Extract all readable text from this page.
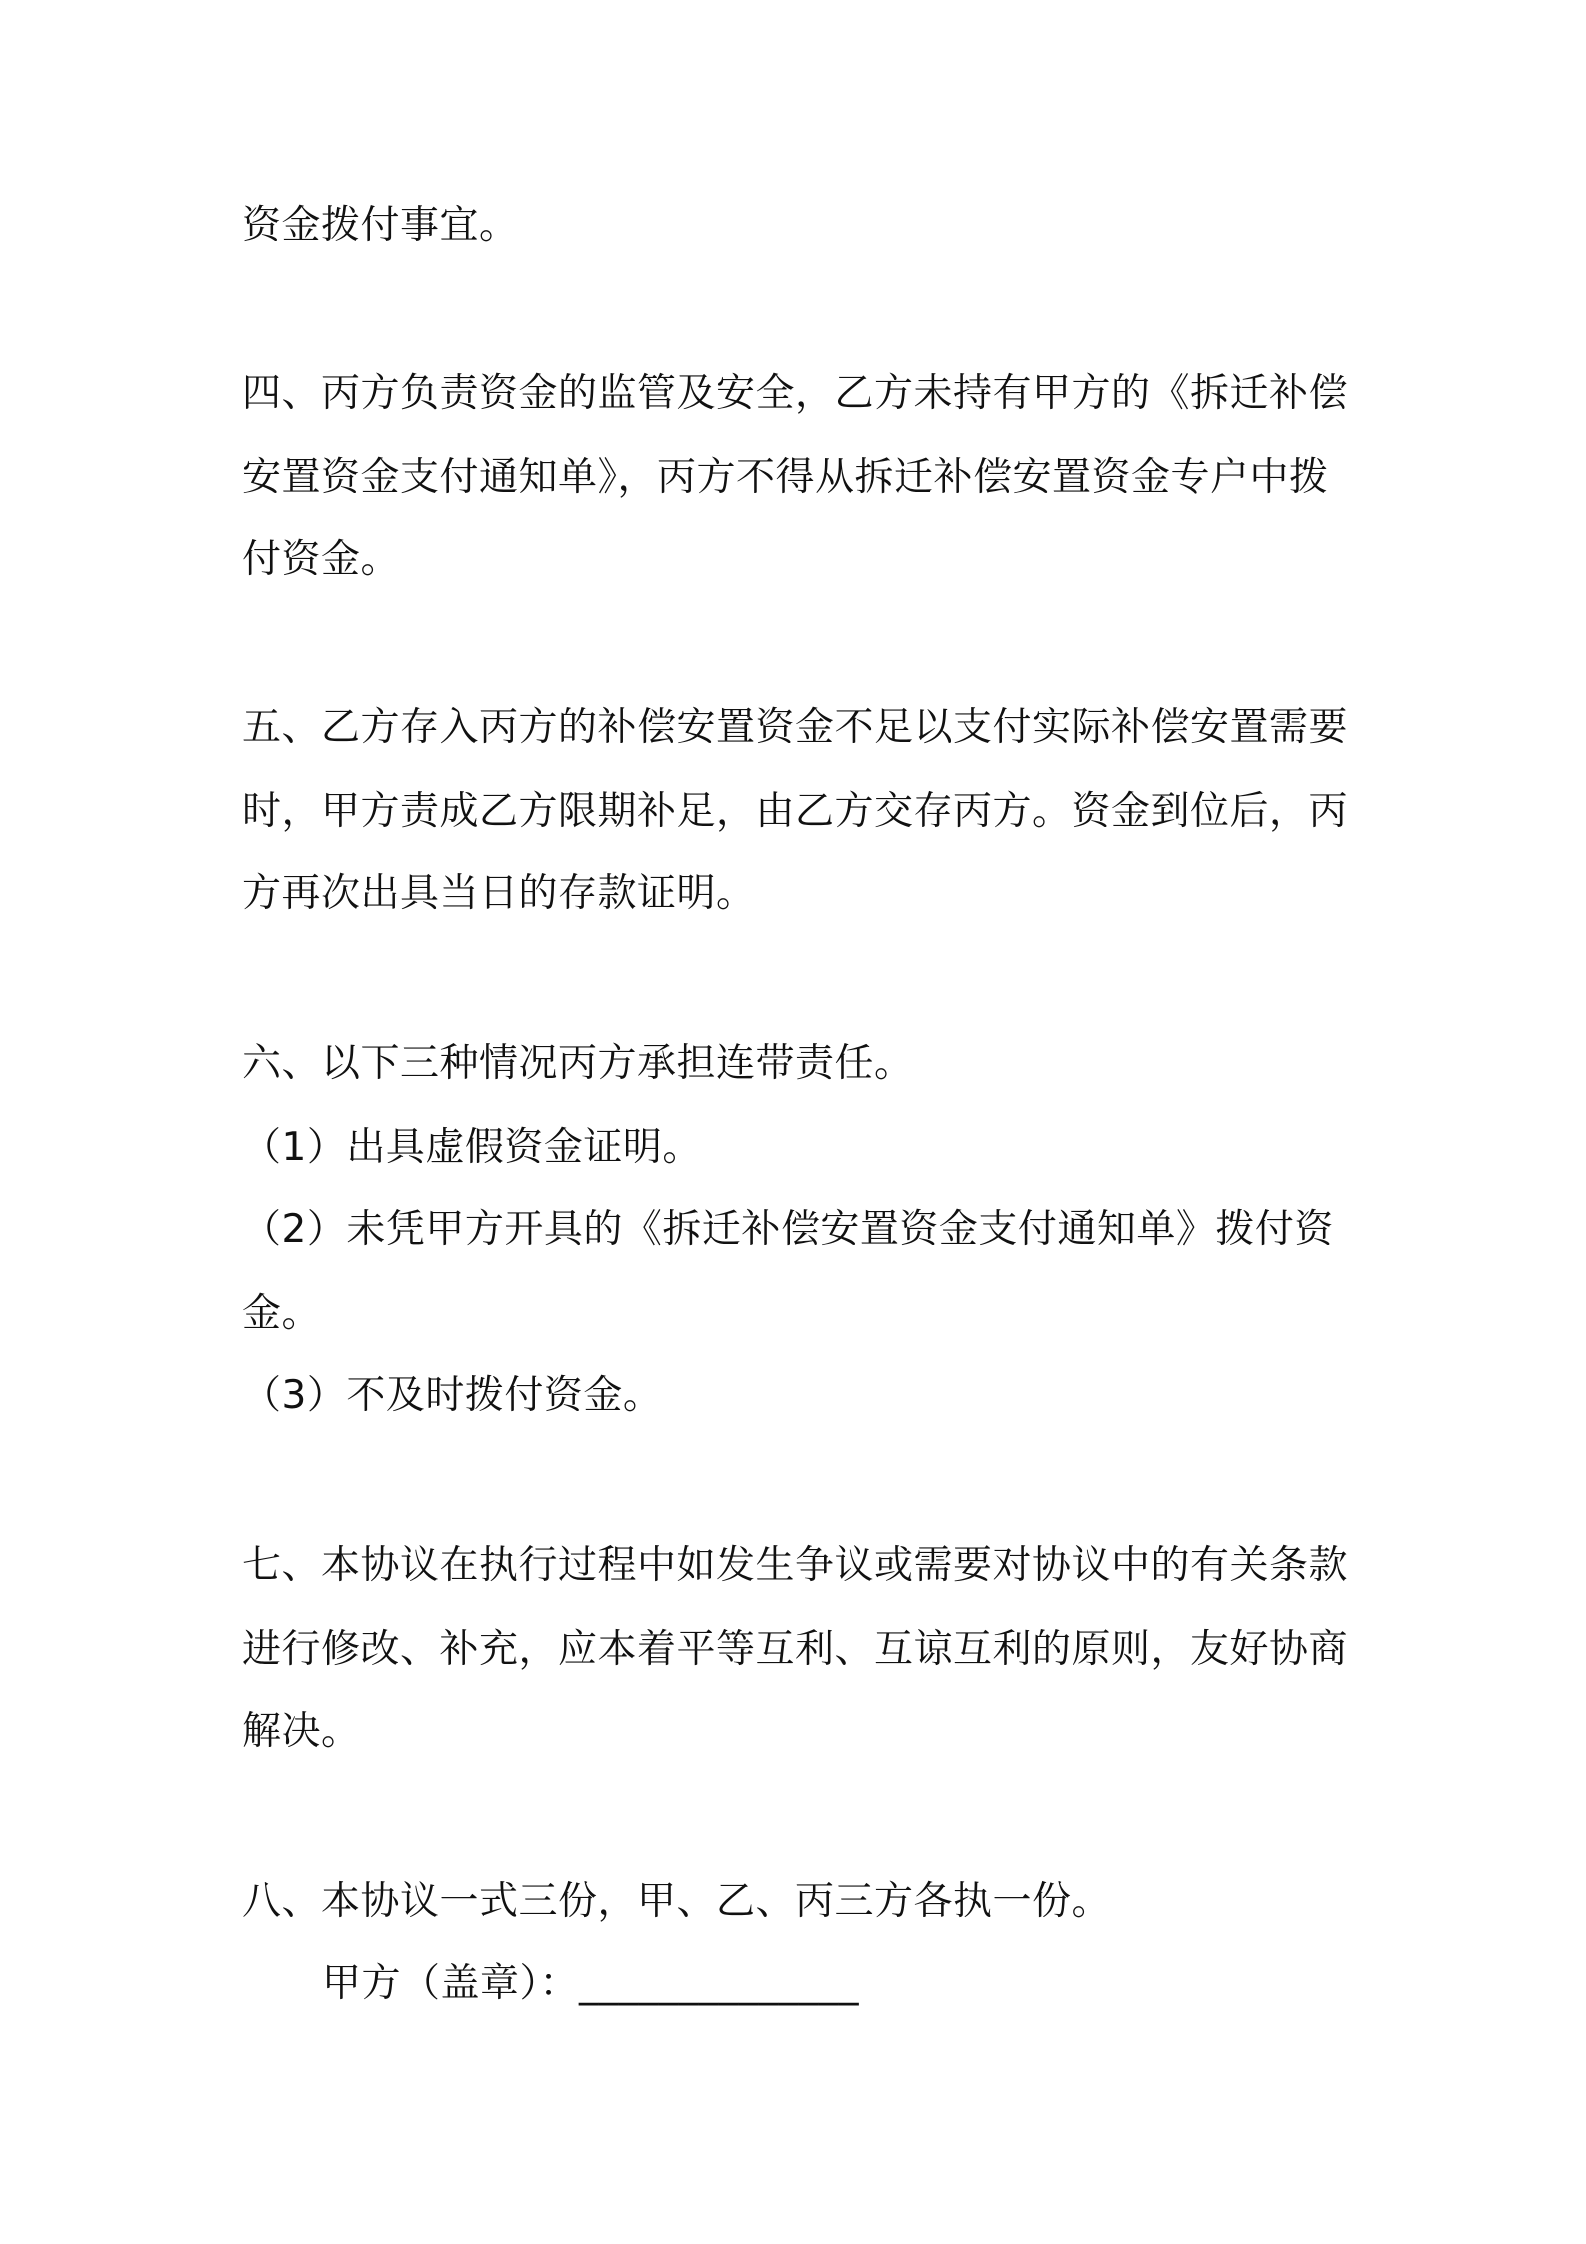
资金拨付事宜。
四、丙方负责资金的监管及安全，乙方未持有甲方的《拆迁补偿
安置资金支付通知单》，丙方不得从拆迁补偿安置资金专户中拨
付资金。
五、乙方存入丙方的补偿安置资金不足以支付实际补偿安置需要
时，甲方责成乙方限期补足，由乙方交存丙方。资金到位后，丙
方再次出具当日的存款证明。
六、以下三种情况丙方承担连带责任。
（1）出具虚假资金证明。
（2）未凭甲方开具的《拆迁补偿安置资金支付通知单》拨付资
金。
（3）不及时拨付资金。
七、本协议在执行过程中如发生争议或需要对协议中的有关条款
进行修改、补充，应本着平等互利、互谅互利的原则，友好协商
解决。
八、本协议一式三份，甲、乙、丙三方各执一份。
甲方（盖章）：______________
